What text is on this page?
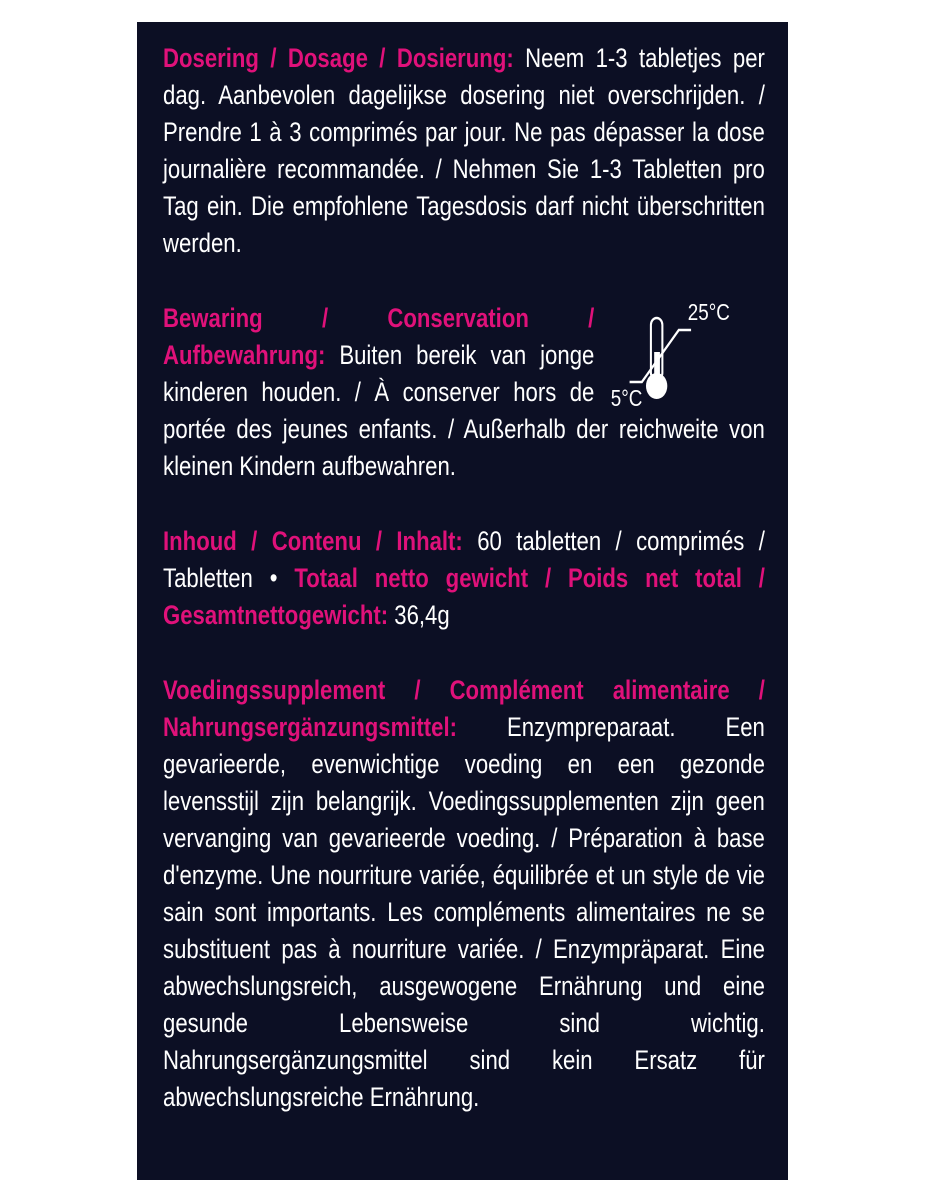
Dosering / Dosage / Dosierung: Neem 1-3 tabletjes per dag. Aanbevolen dagelijkse dosering niet overschrijden. / Prendre 1 à 3 comprimés par jour. Ne pas dépasser la dose journalière recommandée. / Nehmen Sie 1-3 Tabletten pro Tag ein. Die empfohlene Tagesdosis darf nicht überschritten werden.

25°C
5°C
Bewaring / Conservation / Aufbewahrung: Buiten bereik van jonge kinderen houden. / À conserver hors de portée des jeunes enfants. / Außerhalb der reichweite von kleinen Kindern aufbewahren.

Inhoud / Contenu / Inhalt: 60 tabletten / comprimés / Tabletten • Totaal netto gewicht / Poids net total / Gesamtnettogewicht: 36,4g

Voedingssupplement / Complément alimentaire / Nahrungsergänzungsmittel: Enzympreparaat. Een gevarieerde, evenwichtige voeding en een gezonde levensstijl zijn belangrijk. Voedingssupplementen zijn geen vervanging van gevarieerde voeding. / Préparation à base d'enzyme. Une nourriture variée, équilibrée et un style de vie sain sont importants. Les compléments alimentaires ne se substituent pas à nourriture variée. / Enzympräparat. Eine abwechslungsreich, ausgewogene Ernährung und eine gesunde Lebensweise sind wichtig. Nahrungsergänzungsmittel sind kein Ersatz für abwechslungsreiche Ernährung.
